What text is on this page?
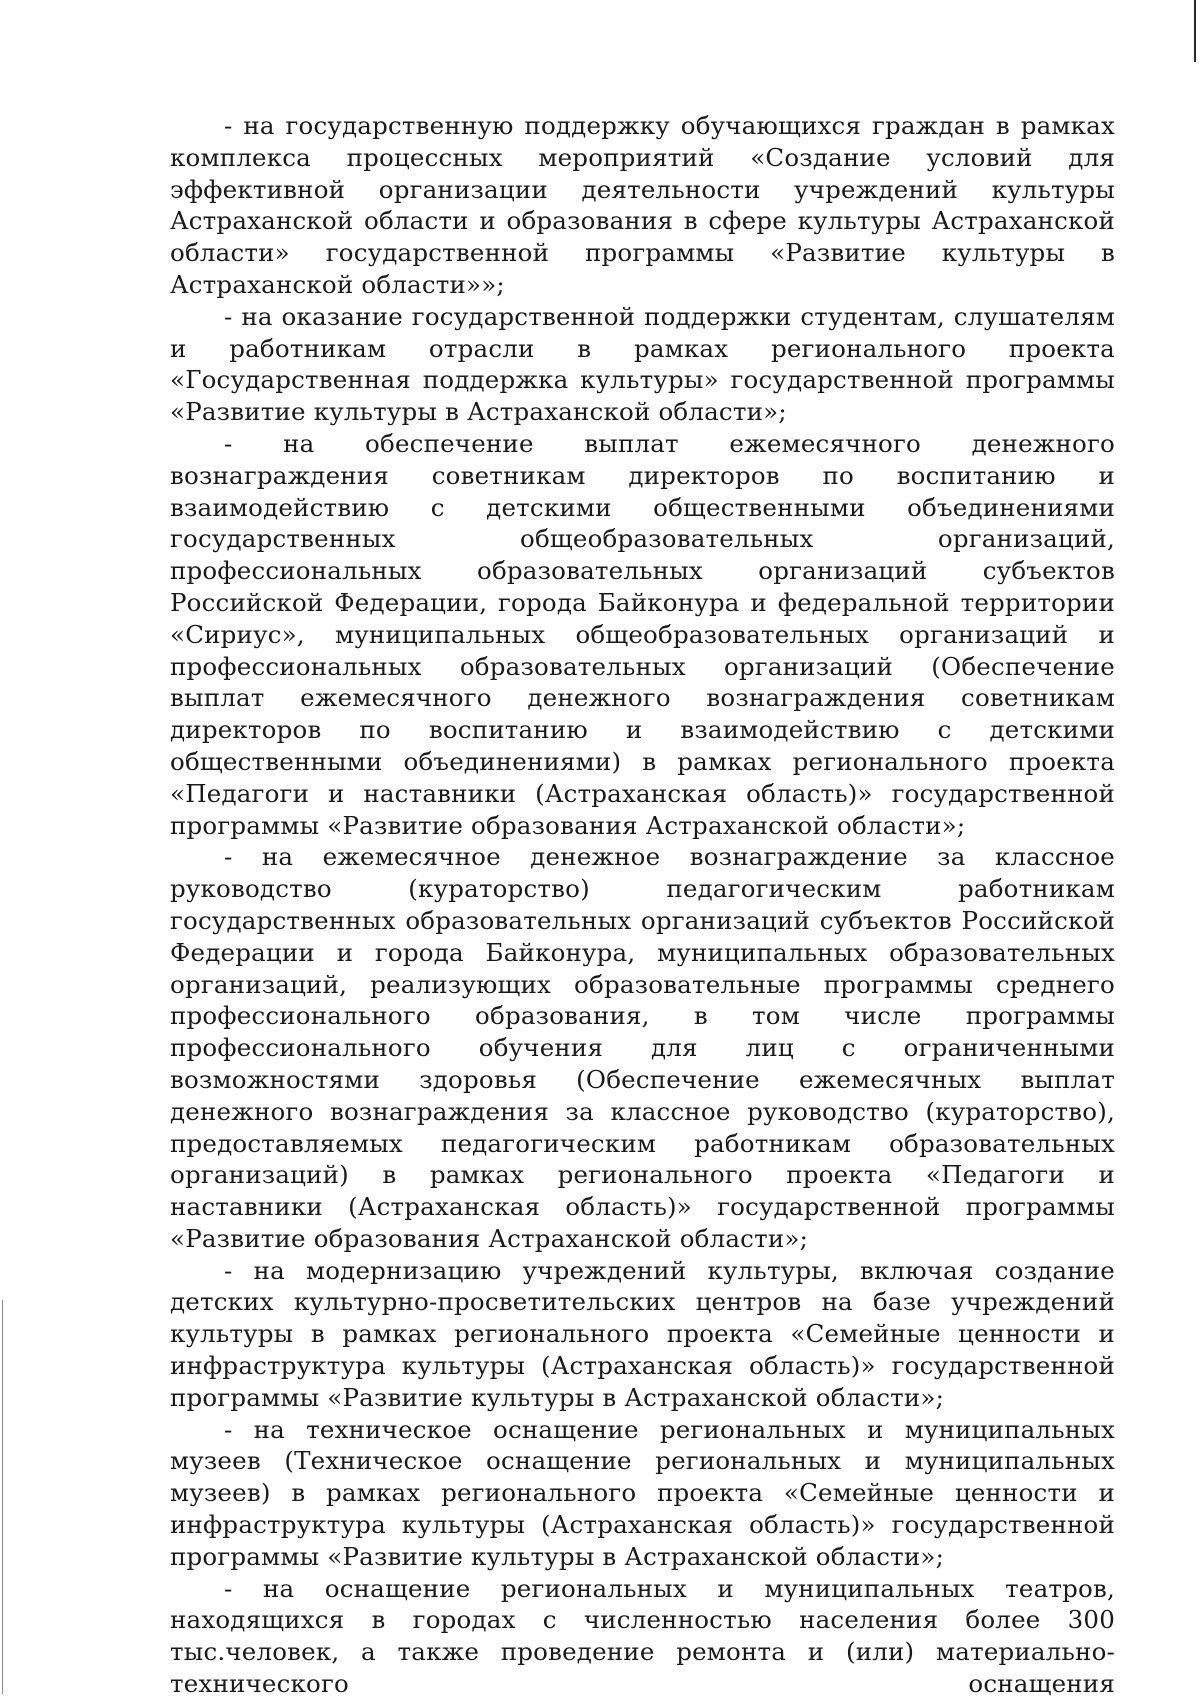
- на государственную поддержку обучающихся граждан в рамках комплекса процессных мероприятий «Создание условий для эффективной организации деятельности учреждений культуры Астраханской области и образования в сфере культуры Астраханской области» государственной программы «Развитие культуры в Астраханской области»»;

- на оказание государственной поддержки студентам, слушателям и работникам отрасли в рамках регионального проекта «Государственная поддержка культуры» государственной программы «Развитие культуры в Астраханской области»;

- на обеспечение выплат ежемесячного денежного вознаграждения советникам директоров по воспитанию и взаимодействию с детскими общественными объединениями государственных общеобразовательных организаций, профессиональных образовательных организаций субъектов Российской Федерации, города Байконура и федеральной территории «Сириус», муниципальных общеобразовательных организаций и профессиональных образовательных организаций (Обеспечение выплат ежемесячного денежного вознаграждения советникам директоров по воспитанию и взаимодействию с детскими общественными объединениями) в рамках регионального проекта «Педагоги и наставники (Астраханская область)» государственной программы «Развитие образования Астраханской области»;

- на ежемесячное денежное вознаграждение за классное руководство (кураторство) педагогическим работникам государственных образовательных организаций субъектов Российской Федерации и города Байконура, муниципальных образовательных организаций, реализующих образовательные программы среднего профессионального образования, в том числе программы профессионального обучения для лиц с ограниченными возможностями здоровья (Обеспечение ежемесячных выплат денежного вознаграждения за классное руководство (кураторство), предоставляемых педагогическим работникам образовательных организаций) в рамках регионального проекта «Педагоги и наставники (Астраханская область)» государственной программы «Развитие образования Астраханской области»;

- на модернизацию учреждений культуры, включая создание детских культурно-просветительских центров на базе учреждений культуры в рамках регионального проекта «Семейные ценности и инфраструктура культуры (Астраханская область)» государственной программы «Развитие культуры в Астраханской области»;

- на техническое оснащение региональных и муниципальных музеев (Техническое оснащение региональных и муниципальных музеев) в рамках регионального проекта «Семейные ценности и инфраструктура культуры (Астраханская область)» государственной программы «Развитие культуры в Астраханской области»;

- на оснащение региональных и муниципальных театров, находящихся в городах с численностью населения более 300 тыс.человек, а также проведение ремонта и (или) материально-технического оснащения
